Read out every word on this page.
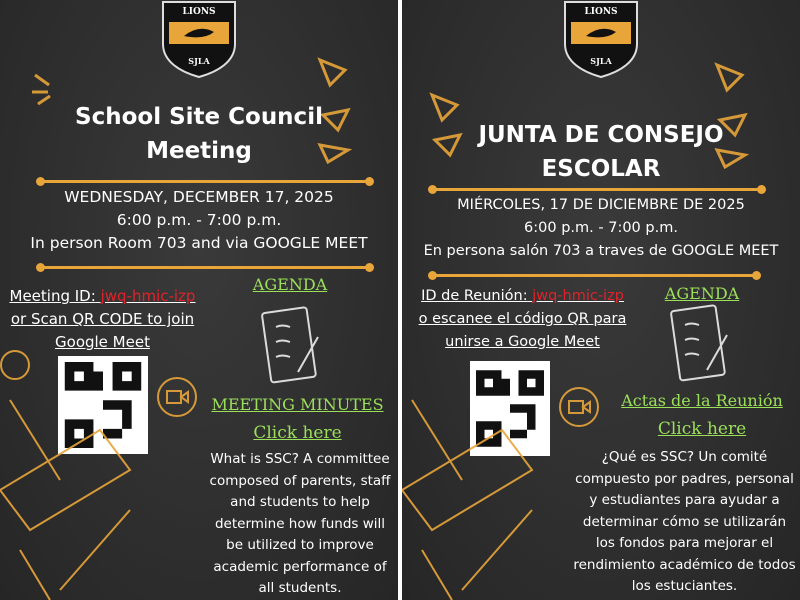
LIONS
SJLA
School Site Council
Meeting
WEDNESDAY, DECEMBER 17, 2025
6:00 p.m. - 7:00 p.m.
In person Room 703 and via GOOGLE MEET
Meeting ID: jwq-hmic-izp
or Scan QR CODE to join
Google Meet
AGENDA
MEETING MINUTES
Click here
What is SSC? A committee composed of parents, staff and students to help determine how funds will be utilized to improve academic performance of all students.
LIONS
SJLA
JUNTA DE CONSEJO
ESCOLAR
MIÉRCOLES, 17 DE DICIEMBRE DE 2025
6:00 p.m. - 7:00 p.m.
En persona salón 703 a traves de GOOGLE MEET
ID de Reunión: jwq-hmic-izp
o escanee el código QR para
unirse a Google Meet
AGENDA
Actas de la Reunión
Click here
¿Qué es SSC? Un comité compuesto por padres, personal y estudiantes para ayudar a determinar cómo se utilizarán los fondos para mejorar el rendimiento académico de todos los estuciantes.
